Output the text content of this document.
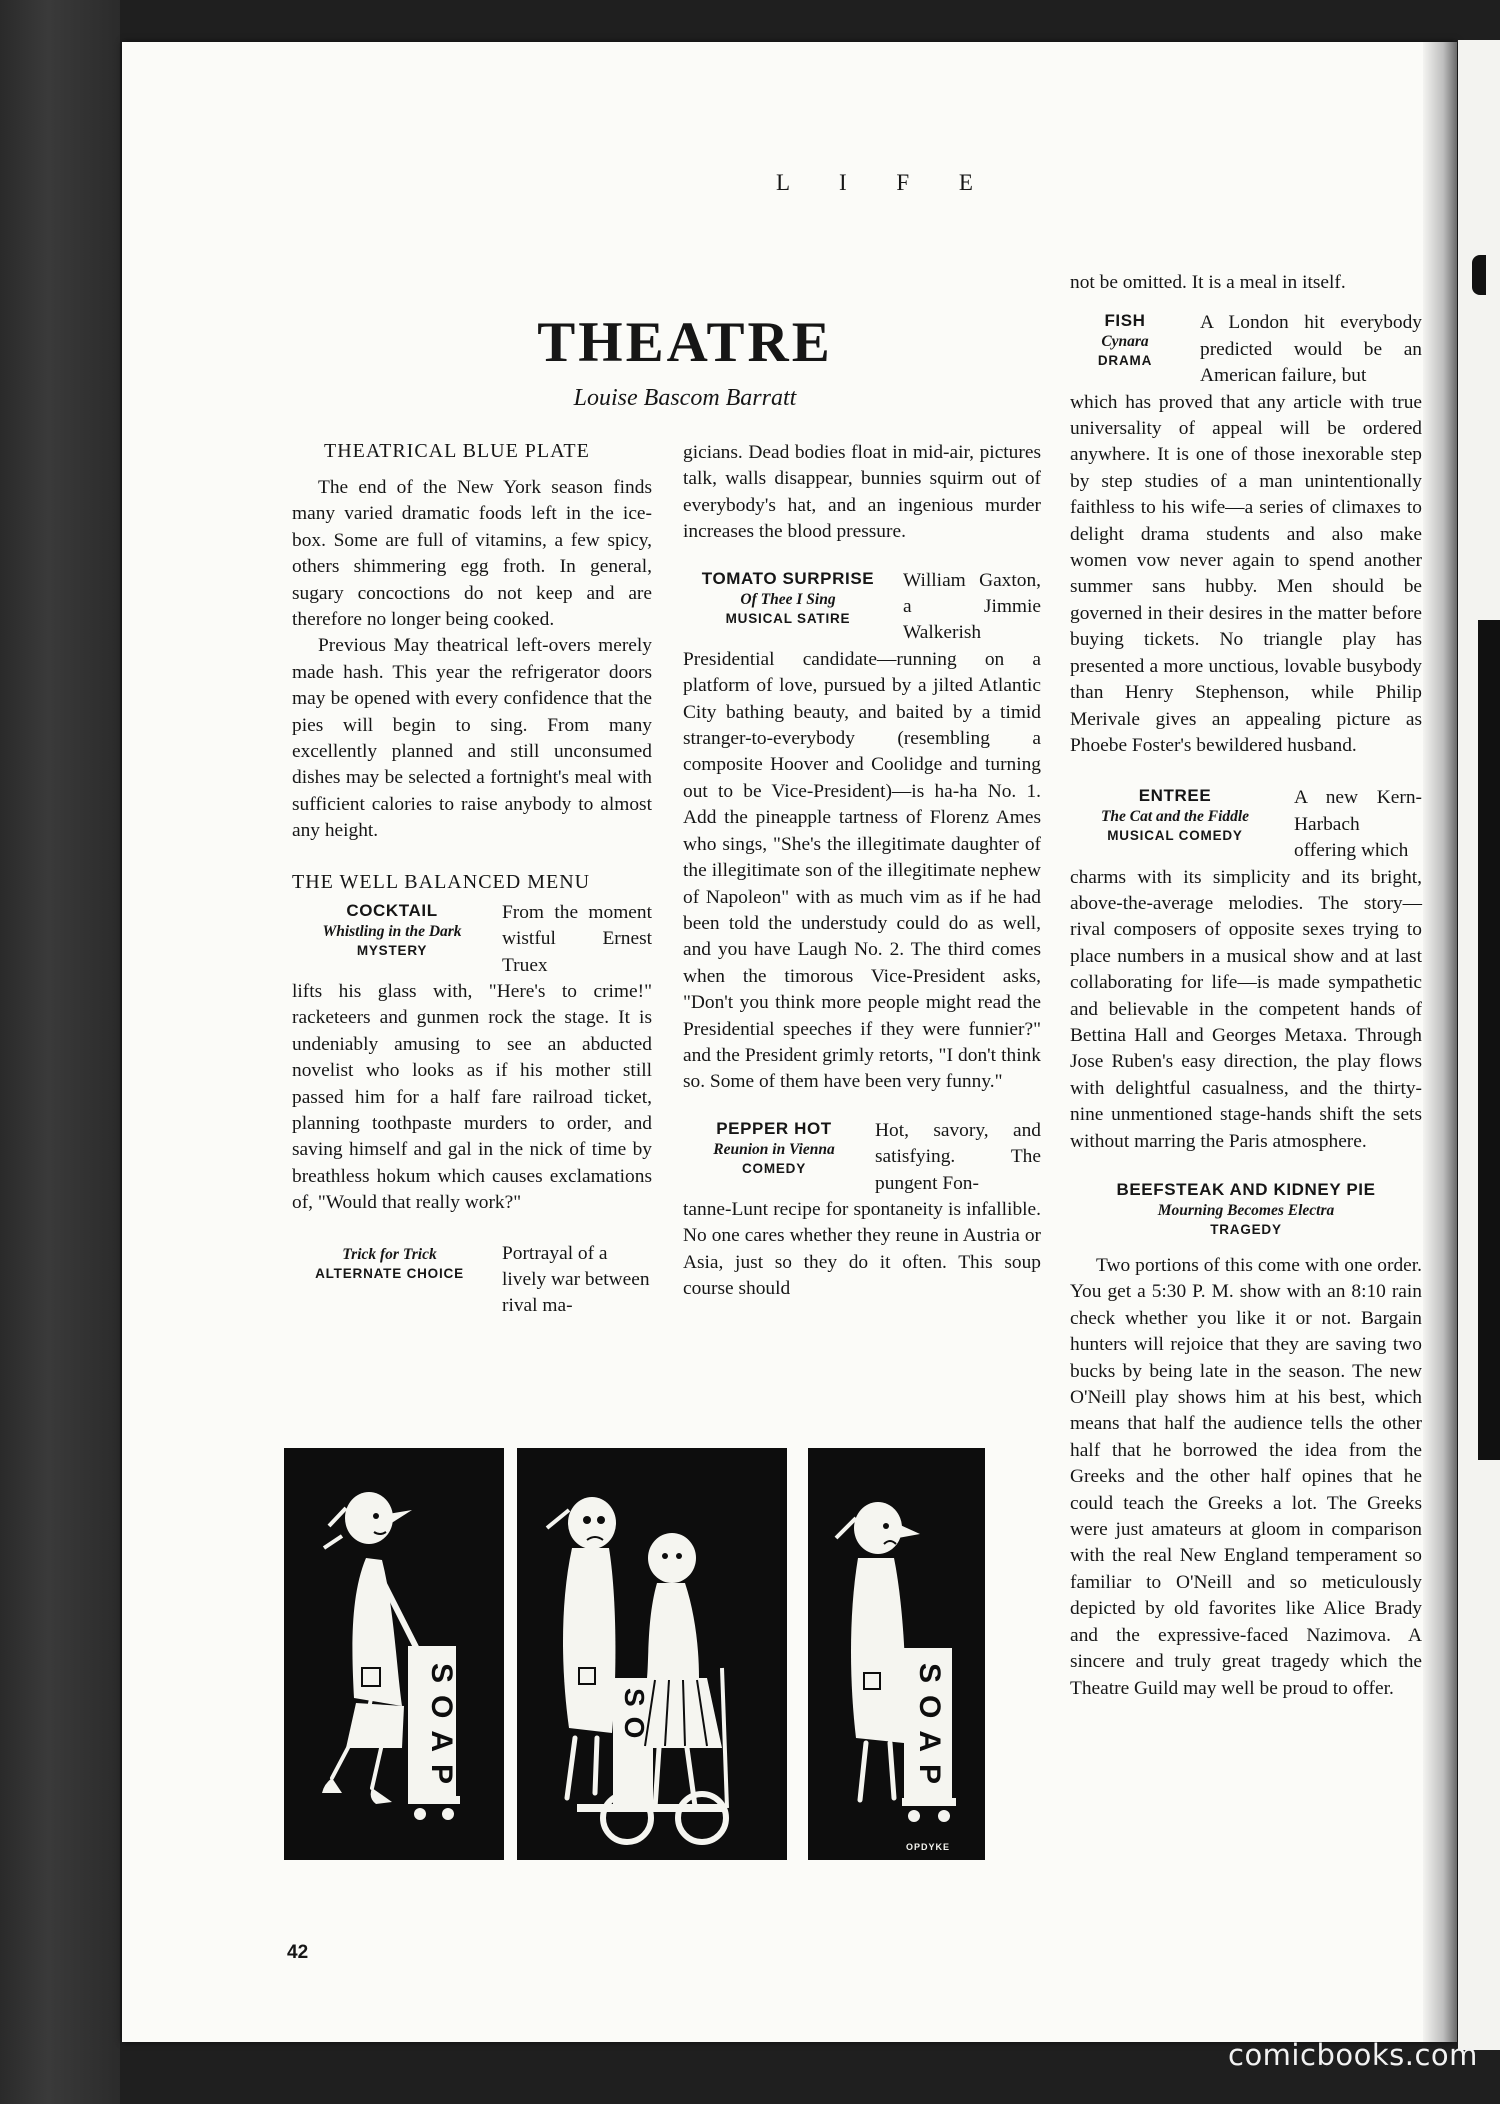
L I F E
THEATRE
Louise Bascom Barratt
THEATRICAL BLUE PLATE

The end of the New York season finds many varied dramatic foods left in the ice-box. Some are full of vitamins, a few spicy, others shimmering egg froth. In general, sugary concoctions do not keep and are therefore no longer being cooked.

Previous May theatrical left-overs merely made hash. This year the refrigerator doors may be opened with every confidence that the pies will begin to sing. From many excellently planned and still unconsumed dishes may be selected a fortnight's meal with sufficient calories to raise anybody to almost any height.

THE WELL BALANCED MENU
COCKTAIL
Whistling in the Dark
MYSTERY

From the moment wistful Ernest Truex

lifts his glass with, "Here's to crime!" racketeers and gunmen rock the stage. It is undeniably amusing to see an abducted novelist who looks as if his mother still passed him for a half fare railroad ticket, planning toothpaste murders to order, and saving himself and gal in the nick of time by breathless hokum which causes exclamations of, "Would that really work?"

Trick for Trick
ALTERNATE CHOICE

Portrayal of a lively war between rival ma-

gicians. Dead bodies float in mid-air, pictures talk, walls disappear, bunnies squirm out of everybody's hat, and an ingenious murder increases the blood pressure.

TOMATO SURPRISE
Of Thee I Sing
MUSICAL SATIRE

William Gaxton, a Jimmie Walkerish

Presidential candidate—running on a platform of love, pursued by a jilted Atlantic City bathing beauty, and baited by a timid stranger-to-everybody (resembling a composite Hoover and Coolidge and turning out to be Vice-President)—is ha-ha No. 1. Add the pineapple tartness of Florenz Ames who sings, "She's the illegitimate daughter of the illegitimate son of the illegitimate nephew of Napoleon" with as much vim as if he had been told the understudy could do as well, and you have Laugh No. 2. The third comes when the timorous Vice-President asks, "Don't you think more people might read the Presidential speeches if they were funnier?" and the President grimly retorts, "I don't think so. Some of them have been very funny."

PEPPER HOT
Reunion in Vienna
COMEDY

Hot, savory, and satisfying. The pungent Fon-

tanne-Lunt recipe for spontaneity is infallible. No one cares whether they reune in Austria or Asia, just so they do it often. This soup course should

not be omitted. It is a meal in itself.

FISH
Cynara
DRAMA

A London hit everybody predicted would be an American failure, but

which has proved that any article with true universality of appeal will be ordered anywhere. It is one of those inexorable step by step studies of a man unintentionally faithless to his wife—a series of climaxes to delight drama students and also make women vow never again to spend another summer sans hubby. Men should be governed in their desires in the matter before buying tickets. No triangle play has presented a more unctious, lovable busybody than Henry Stephenson, while Philip Merivale gives an appealing picture as Phoebe Foster's bewildered husband.

ENTREE
The Cat and the Fiddle
MUSICAL COMEDY

A new Kern-Harbach offering which

charms with its simplicity and its bright, above-the-average melodies. The story—rival composers of opposite sexes trying to place numbers in a musical show and at last collaborating for life—is made sympathetic and believable in the competent hands of Bettina Hall and Georges Metaxa. Through Jose Ruben's easy direction, the play flows with delightful casualness, and the thirty-nine unmentioned stage-hands shift the sets without marring the Paris atmosphere.

BEEFSTEAK AND KIDNEY PIE
Mourning Becomes Electra
TRAGEDY

Two portions of this come with one order. You get a 5:30 P. M. show with an 8:10 rain check whether you like it or not. Bargain hunters will rejoice that they are saving two bucks by being late in the season. The new O'Neill play shows him at his best, which means that half the audience tells the other half that he borrowed the idea from the Greeks and the other half opines that he could teach the Greeks a lot. The Greeks were just amateurs at gloom in comparison with the real New England temperament so familiar to O'Neill and so meticulously depicted by old favorites like Alice Brady and the expressive-faced Nazimova. A sincere and truly great tragedy which the Theatre Guild may well be proud to offer.

SOAP	SO	SOAP
OPDYKE
42
comicbooks.com
